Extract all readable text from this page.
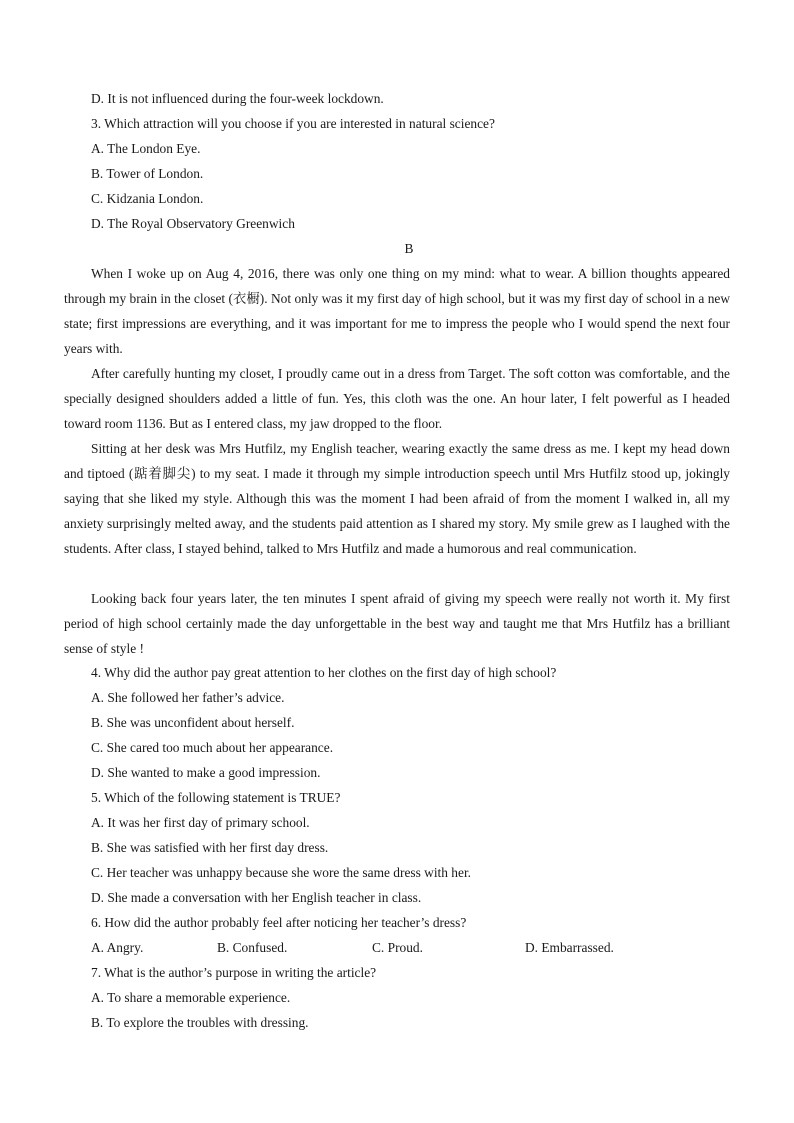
D. It is not influenced during the four-week lockdown.
3. Which attraction will you choose if you are interested in natural science?
A. The London Eye.
B. Tower of London.
C. Kidzania London.
D. The Royal Observatory Greenwich
B

When I woke up on Aug 4, 2016, there was only one thing on my mind: what to wear. A billion thoughts appeared through my brain in the closet (衣橱). Not only was it my first day of high school, but it was my first day of school in a new state; first impressions are everything, and it was important for me to impress the people who I would spend the next four years with.

After carefully hunting my closet, I proudly came out in a dress from Target. The soft cotton was comfortable, and the specially designed shoulders added a little of fun. Yes, this cloth was the one. An hour later, I felt powerful as I headed toward room 1136. But as I entered class, my jaw dropped to the floor.

Sitting at her desk was Mrs Hutfilz, my English teacher, wearing exactly the same dress as me. I kept my head down and tiptoed (踮着脚尖) to my seat. I made it through my simple introduction speech until Mrs Hutfilz stood up, jokingly saying that she liked my style. Although this was the moment I had been afraid of from the moment I walked in, all my anxiety surprisingly melted away, and the students paid attention as I shared my story. My smile grew as I laughed with the students. After class, I stayed behind, talked to Mrs Hutfilz and made a humorous and real communication.

Looking back four years later, the ten minutes I spent afraid of giving my speech were really not worth it. My first period of high school certainly made the day unforgettable in the best way and taught me that Mrs Hutfilz has a brilliant sense of style !

4. Why did the author pay great attention to her clothes on the first day of high school?
A. She followed her father’s advice.
B. She was unconfident about herself.
C. She cared too much about her appearance.
D. She wanted to make a good impression.
5. Which of the following statement is TRUE?
A. It was her first day of primary school.
B. She was satisfied with her first day dress.
C. Her teacher was unhappy because she wore the same dress with her.
D. She made a conversation with her English teacher in class.
6. How did the author probably feel after noticing her teacher’s dress?
A. Angry.	B. Confused.	C. Proud.	D. Embarrassed.
7. What is the author’s purpose in writing the article?
A. To share a memorable experience.
B. To explore the troubles with dressing.
